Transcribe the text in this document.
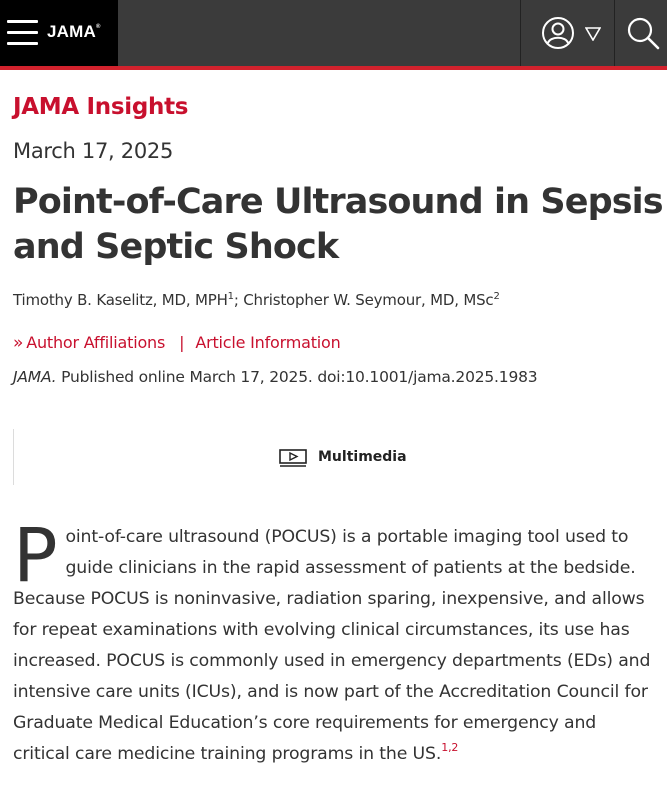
JAMA®
JAMA Insights
March 17, 2025
Point-of-Care Ultrasound in Sepsis and Septic Shock
Timothy B. Kaselitz, MD, MPH$^1$; Christopher W. Seymour, MD, MSc$^2$
» Author Affiliations | Article Information
JAMA. Published online March 17, 2025. doi:10.1001/jama.2025.1983
Multimedia

Point-of-care ultrasound (POCUS) is a portable imaging tool used to guide clinicians in the rapid assessment of patients at the bedside. Because POCUS is noninvasive, radiation sparing, inexpensive, and allows for repeat examinations with evolving clinical circumstances, its use has increased. POCUS is commonly used in emergency departments (EDs) and intensive care units (ICUs), and is now part of the Accreditation Council for Graduate Medical Education’s core requirements for emergency and critical care medicine training programs in the US.$^{1,2}$
